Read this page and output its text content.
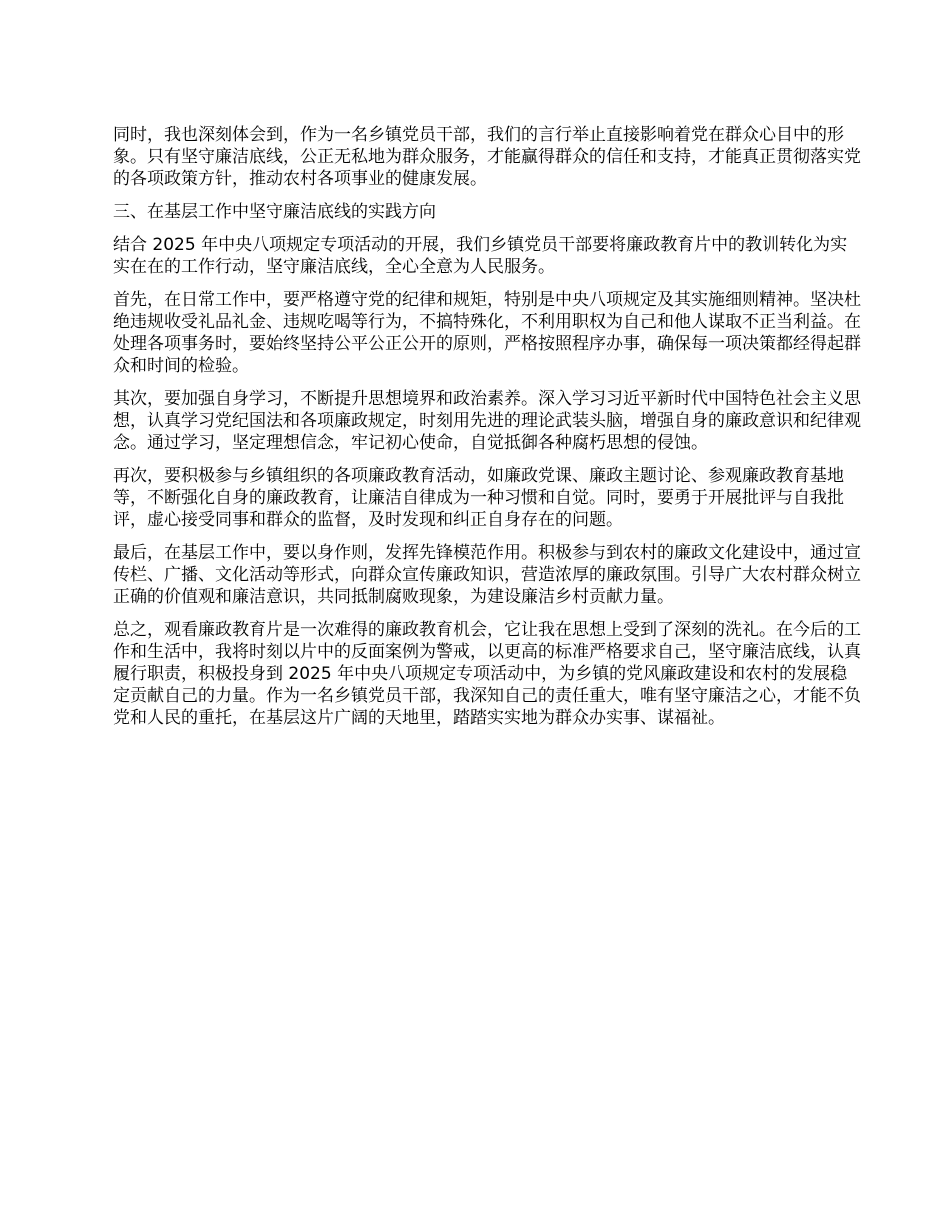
同时，我也深刻体会到，作为一名乡镇党员干部，我们的言行举止直接影响着党在群众心目中的形象。只有坚守廉洁底线，公正无私地为群众服务，才能赢得群众的信任和支持，才能真正贯彻落实党的各项政策方针，推动农村各项事业的健康发展。

三、在基层工作中坚守廉洁底线的实践方向

结合 2025 年中央八项规定专项活动的开展，我们乡镇党员干部要将廉政教育片中的教训转化为实实在在的工作行动，坚守廉洁底线，全心全意为人民服务。

首先，在日常工作中，要严格遵守党的纪律和规矩，特别是中央八项规定及其实施细则精神。坚决杜绝违规收受礼品礼金、违规吃喝等行为，不搞特殊化，不利用职权为自己和他人谋取不正当利益。在处理各项事务时，要始终坚持公平公正公开的原则，严格按照程序办事，确保每一项决策都经得起群众和时间的检验。

其次，要加强自身学习，不断提升思想境界和政治素养。深入学习习近平新时代中国特色社会主义思想，认真学习党纪国法和各项廉政规定，时刻用先进的理论武装头脑，增强自身的廉政意识和纪律观念。通过学习，坚定理想信念，牢记初心使命，自觉抵御各种腐朽思想的侵蚀。

再次，要积极参与乡镇组织的各项廉政教育活动，如廉政党课、廉政主题讨论、参观廉政教育基地等，不断强化自身的廉政教育，让廉洁自律成为一种习惯和自觉。同时，要勇于开展批评与自我批评，虚心接受同事和群众的监督，及时发现和纠正自身存在的问题。

最后，在基层工作中，要以身作则，发挥先锋模范作用。积极参与到农村的廉政文化建设中，通过宣传栏、广播、文化活动等形式，向群众宣传廉政知识，营造浓厚的廉政氛围。引导广大农村群众树立正确的价值观和廉洁意识，共同抵制腐败现象，为建设廉洁乡村贡献力量。

总之，观看廉政教育片是一次难得的廉政教育机会，它让我在思想上受到了深刻的洗礼。在今后的工作和生活中，我将时刻以片中的反面案例为警戒，以更高的标准严格要求自己，坚守廉洁底线，认真履行职责，积极投身到 2025 年中央八项规定专项活动中，为乡镇的党风廉政建设和农村的发展稳定贡献自己的力量。作为一名乡镇党员干部，我深知自己的责任重大，唯有坚守廉洁之心，才能不负党和人民的重托，在基层这片广阔的天地里，踏踏实实地为群众办实事、谋福祉。
